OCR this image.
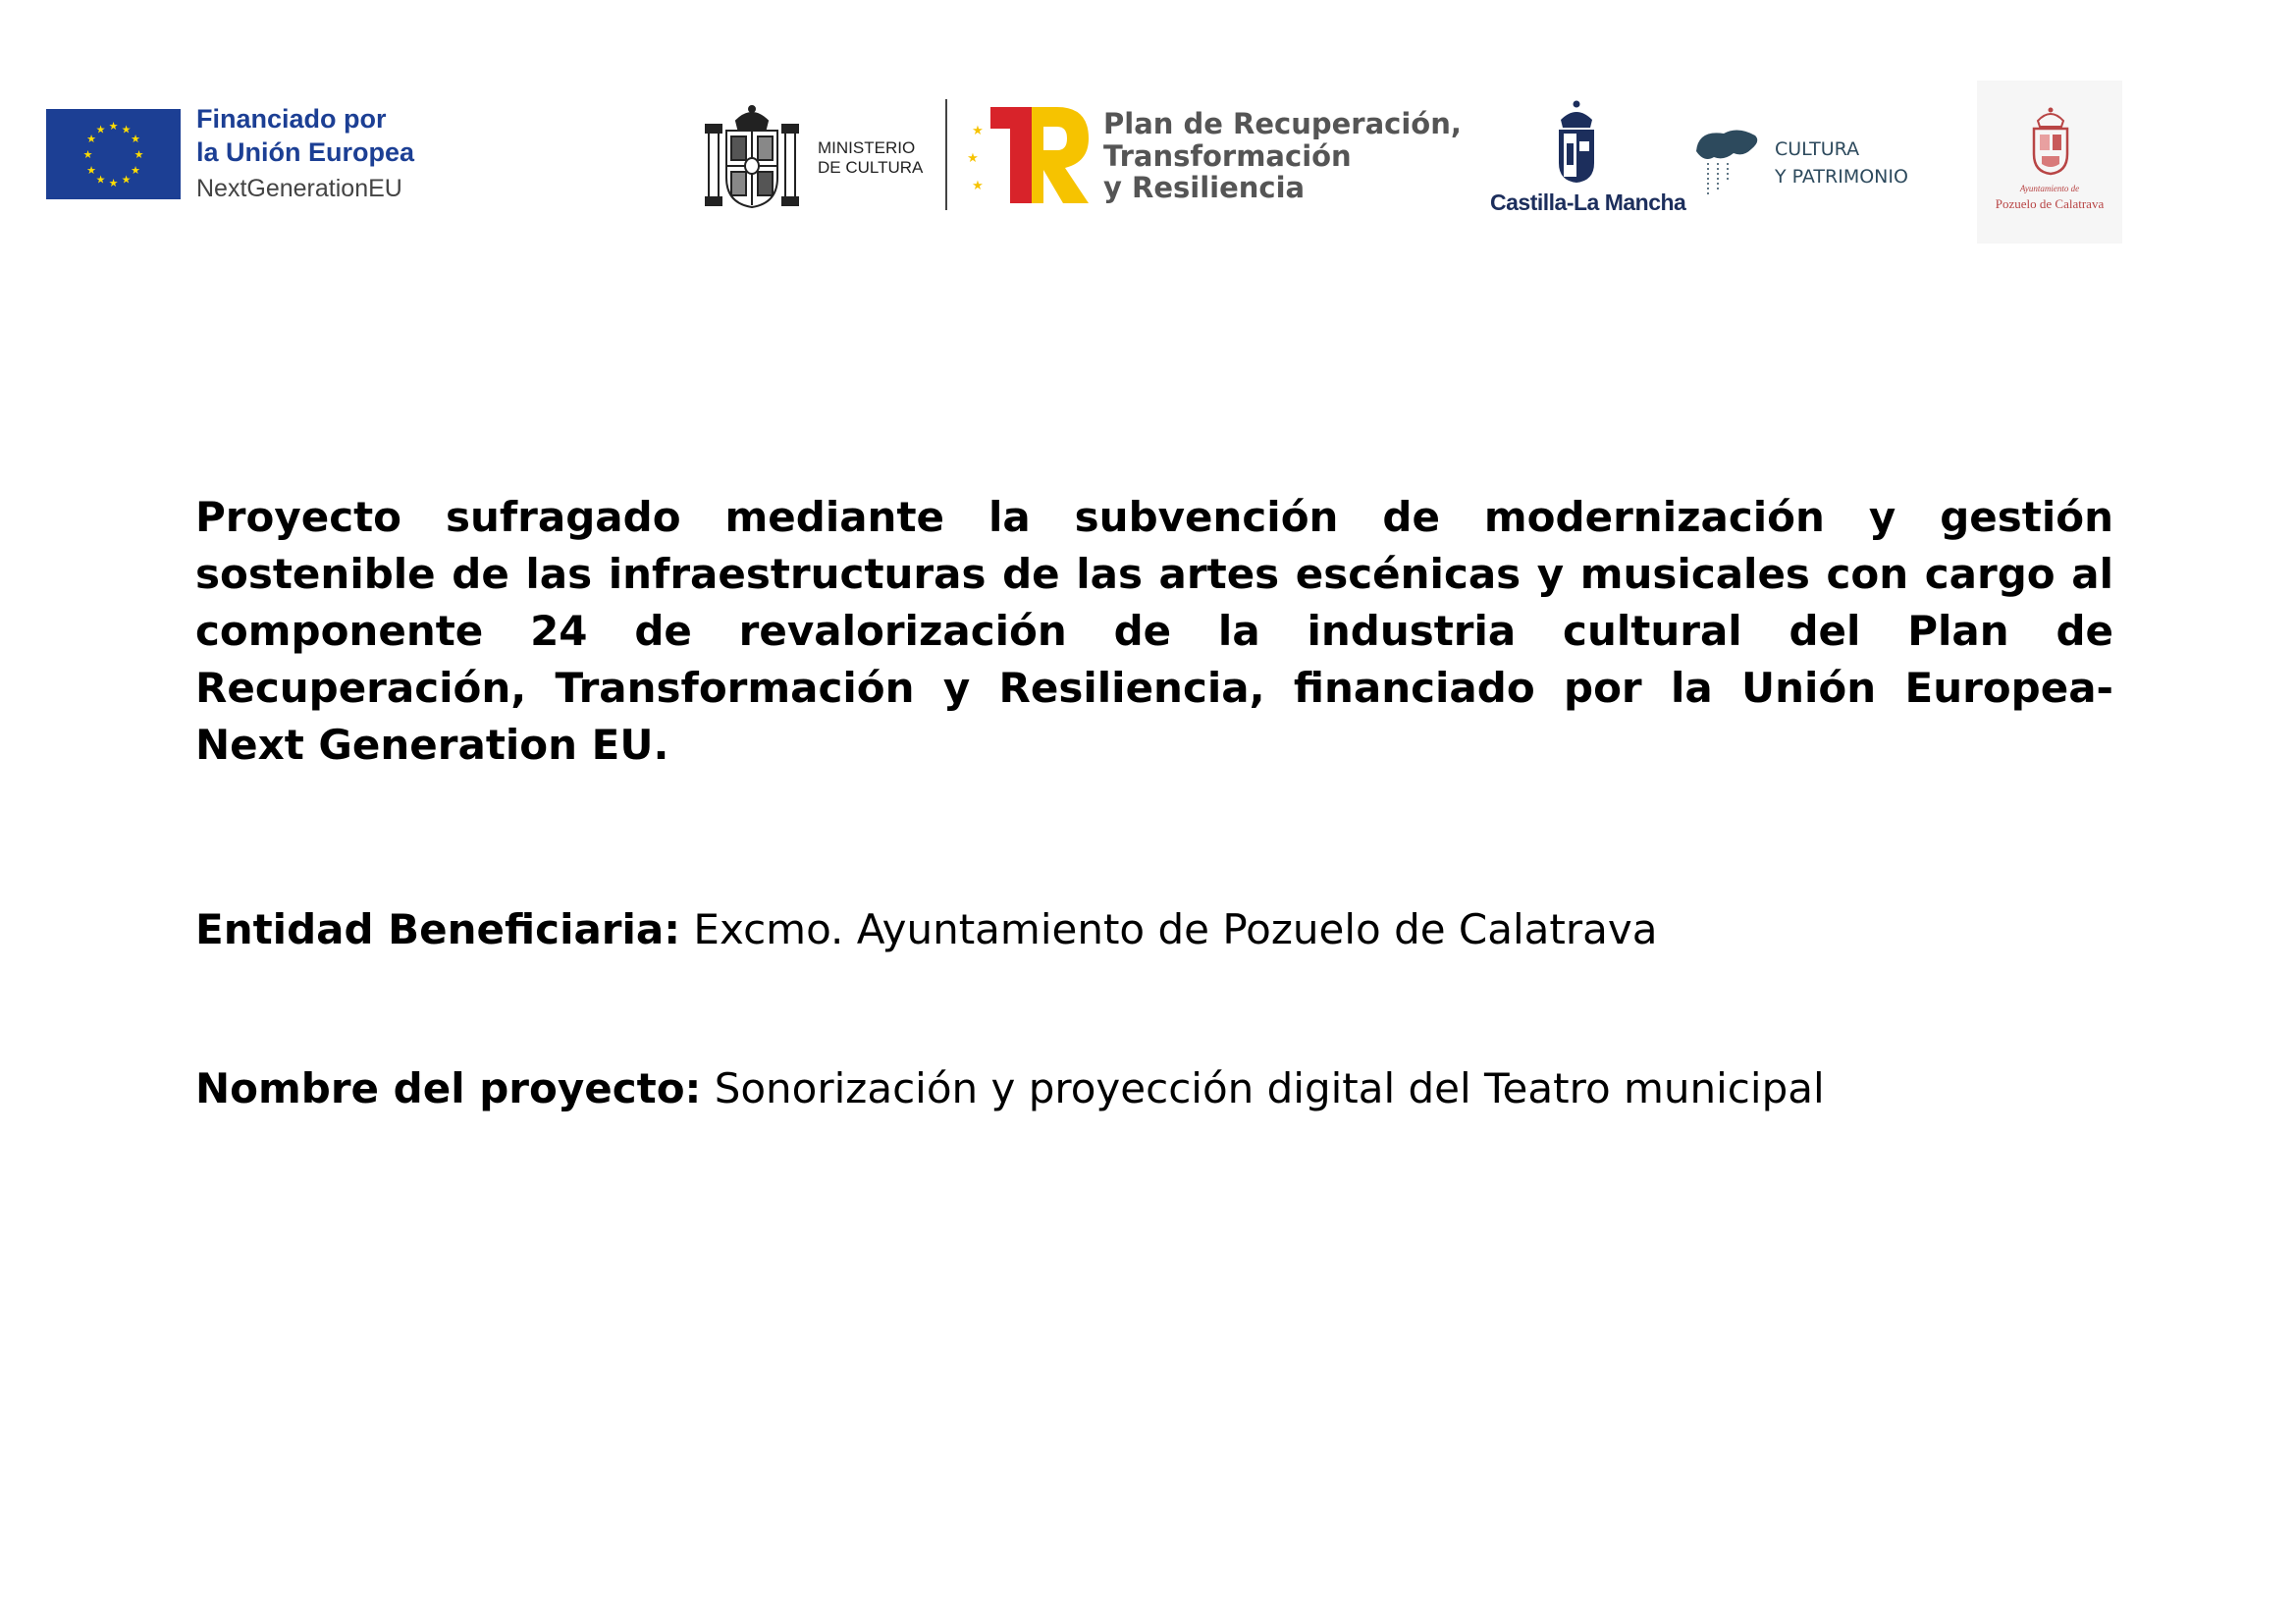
★ ★
★
★
★
★
★
★
★
★
★
★	Financiado por
la Unión Europea
NextGenerationEU
MINISTERIO
DE CULTURA
★
★
★
Plan de Recuperación,
Transformación
y Resiliencia	Castilla-La Mancha
CULTURA
Y PATRIMONIO
Ayuntamiento de
Pozuelo de Calatrava
Proyecto sufragado mediante la subvención de modernización y gestión sostenible de las infraestructuras de las artes escénicas y musicales con cargo al componente 24 de revalorización de la industria cultural del Plan de Recuperación, Transformación y Resiliencia, financiado por la Unión Europea- Next Generation EU.
Entidad Beneficiaria: Excmo. Ayuntamiento de Pozuelo de Calatrava
Nombre del proyecto: Sonorización y proyección digital del Teatro municipal
